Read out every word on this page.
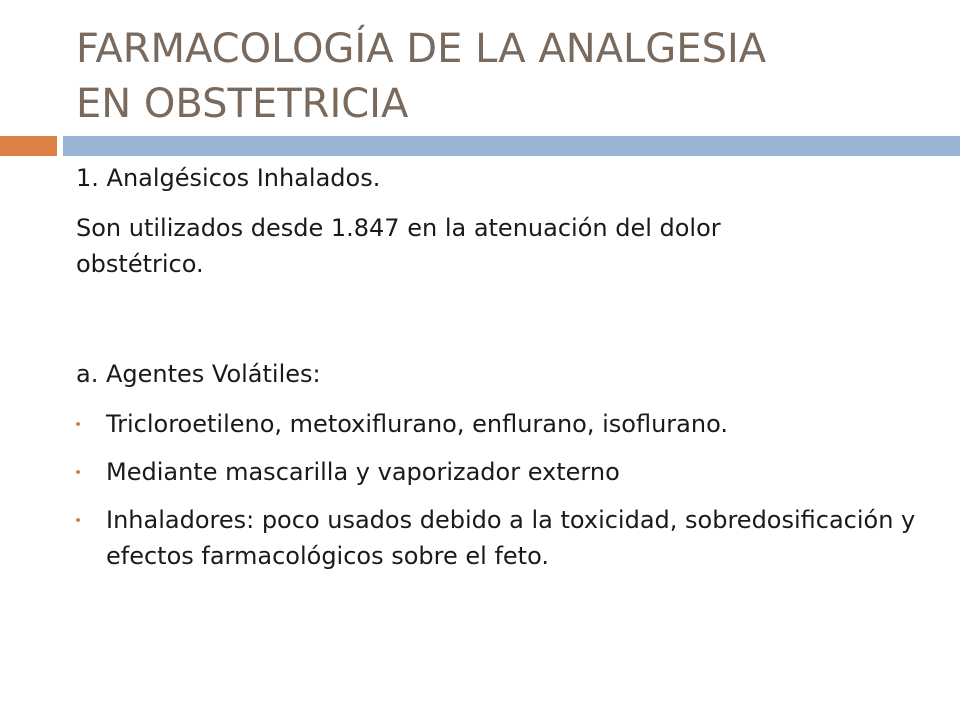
FARMACOLOGÍA DE LA ANALGESIA
EN OBSTETRICIA

1. Analgésicos Inhalados.

Son utilizados desde 1.847 en la atenuación del dolor

obstétrico.

a. Agentes Volátiles:

Tricloroetileno, metoxiflurano, enflurano, isoflurano.
Mediante mascarilla y vaporizador externo
Inhaladores: poco usados debido a la toxicidad, sobredosificación y efectos farmacológicos sobre el feto.
